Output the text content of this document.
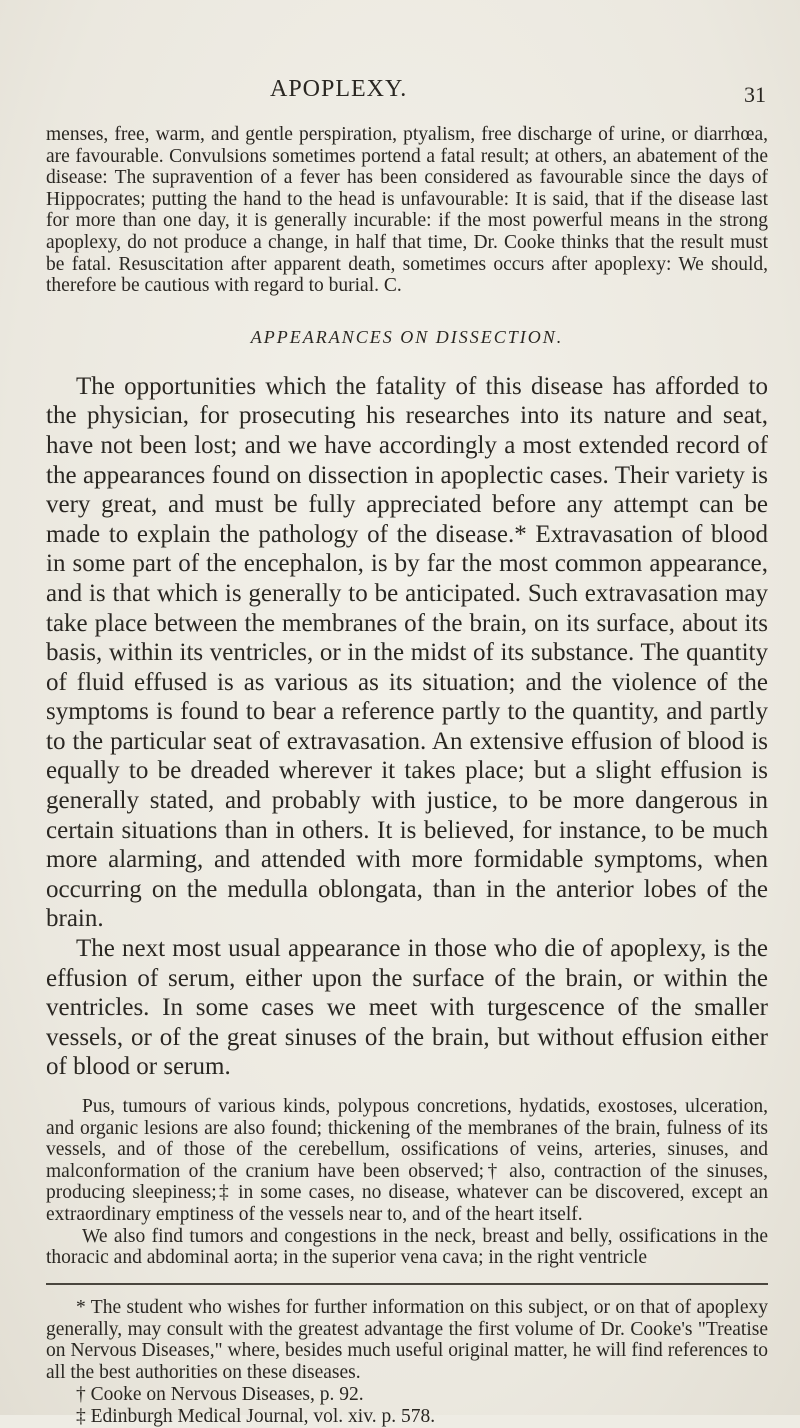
APOPLEXY.	31

menses, free, warm, and gentle perspiration, ptyalism, free discharge of urine, or diarrhœa, are favourable. Convulsions sometimes portend a fatal result; at others, an abatement of the disease: The supravention of a fever has been considered as favourable since the days of Hippocrates; putting the hand to the head is unfavourable: It is said, that if the disease last for more than one day, it is generally incurable: if the most powerful means in the strong apoplexy, do not produce a change, in half that time, Dr. Cooke thinks that the result must be fatal. Resuscitation after apparent death, sometimes occurs after apoplexy: We should, therefore be cautious with regard to burial. C.

APPEARANCES ON DISSECTION.

The opportunities which the fatality of this disease has afforded to the physician, for prosecuting his researches into its nature and seat, have not been lost; and we have accordingly a most extended record of the appearances found on dissection in apoplectic cases. Their variety is very great, and must be fully appreciated before any attempt can be made to explain the pathology of the disease.* Extravasation of blood in some part of the encephalon, is by far the most common appearance, and is that which is generally to be anticipated. Such extravasation may take place between the membranes of the brain, on its surface, about its basis, within its ventricles, or in the midst of its substance. The quantity of fluid effused is as various as its situation; and the violence of the symptoms is found to bear a reference partly to the quantity, and partly to the particular seat of extravasation. An extensive effusion of blood is equally to be dreaded wherever it takes place; but a slight effusion is generally stated, and probably with justice, to be more dangerous in certain situations than in others. It is believed, for instance, to be much more alarming, and attended with more formidable symptoms, when occurring on the medulla oblongata, than in the anterior lobes of the brain.

The next most usual appearance in those who die of apoplexy, is the effusion of serum, either upon the surface of the brain, or within the ventricles. In some cases we meet with turgescence of the smaller vessels, or of the great sinuses of the brain, but without effusion either of blood or serum.

Pus, tumours of various kinds, polypous concretions, hydatids, exostoses, ulceration, and organic lesions are also found; thickening of the membranes of the brain, fulness of its vessels, and of those of the cerebellum, ossifications of veins, arteries, sinuses, and malconformation of the cranium have been observed;† also, contraction of the sinuses, producing sleepiness;‡ in some cases, no disease, whatever can be discovered, except an extraordinary emptiness of the vessels near to, and of the heart itself.

We also find tumors and congestions in the neck, breast and belly, ossifications in the thoracic and abdominal aorta; in the superior vena cava; in the right ventricle

* The student who wishes for further information on this subject, or on that of apoplexy generally, may consult with the greatest advantage the first volume of Dr. Cooke's "Treatise on Nervous Diseases," where, besides much useful original matter, he will find references to all the best authorities on these diseases.

† Cooke on Nervous Diseases, p. 92.

‡ Edinburgh Medical Journal, vol. xiv. p. 578.
